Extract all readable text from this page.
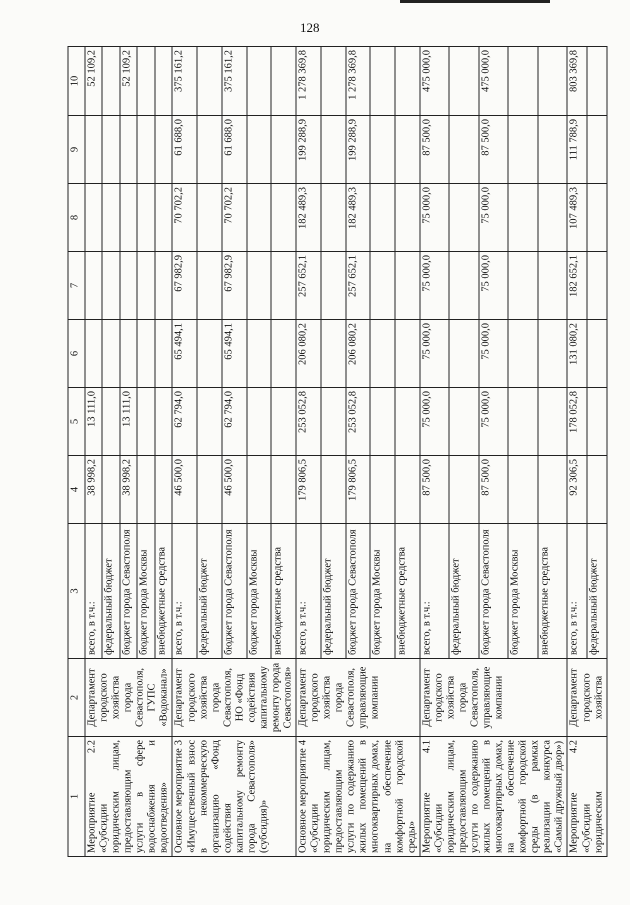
128
1	2	3	4	5	6	7	8	9	10
Мероприятие 2.2 «Субсидии юридическим лицам, предоставляющим услуги в сфере водоснабжения и водоотведения»	Департамент городского хозяйства города Севастополя, ГУПС «Водоканал»	всего, в т.ч.:	38 998,2	13 111,0					52 109,2
		федеральный бюджет							
		бюджет города Севастополя	38 998,2	13 111,0					52 109,2
		бюджет города Москвы							
		внебюджетные средства							
Основное мероприятие 3 «Имущественный взнос в некоммерческую организацию «Фонд содействия капитальному ремонту города Севастополя» (субсидия)»	Департамент городского хозяйства города Севастополя, НО «Фонд содействия капитальному ремонту города Севастополя»	всего, в т.ч.:	46 500,0	62 794,0	65 494,1	67 982,9	70 702,2	61 688,0	375 161,2
		федеральный бюджет							
		бюджет города Севастополя	46 500,0	62 794,0	65 494,1	67 982,9	70 702,2	61 688,0	375 161,2
		бюджет города Москвы							
		внебюджетные средства							
Основное мероприятие 4 «Субсидии юридическим лицам, предоставляющим услуги по содержанию жилых помещений в многоквартирных домах, на обеспечение комфортной городской среды»	Департамент городского хозяйства города Севастополя, управляющие компании	всего, в т.ч.:	179 806,5	253 052,8	206 080,2	257 652,1	182 489,3	199 288,9	1 278 369,8
		федеральный бюджет							
		бюджет города Севастополя	179 806,5	253 052,8	206 080,2	257 652,1	182 489,3	199 288,9	1 278 369,8
		бюджет города Москвы							
		внебюджетные средства							
Мероприятие 4.1 «Субсидии юридическим лицам, предоставляющим услуги по содержанию жилых помещений в многоквартирных домах, на обеспечение комфортной городской среды (в рамках реализации конкурса «Самый дружный двор»)	Департамент городского хозяйства города Севастополя, управляющие компании	всего, в т.ч.:	87 500,0	75 000,0	75 000,0	75 000,0	75 000,0	87 500,0	475 000,0
		федеральный бюджет							
		бюджет города Севастополя	87 500,0	75 000,0	75 000,0	75 000,0	75 000,0	87 500,0	475 000,0
		бюджет города Москвы							
		внебюджетные средства							
Мероприятие 4.2 «Субсидии юридическим	Департамент городского хозяйства	всего, в т.ч.:	92 306,5	178 052,8	131 080,2	182 652,1	107 489,3	111 788,9	803 369,8
		федеральный бюджет							
